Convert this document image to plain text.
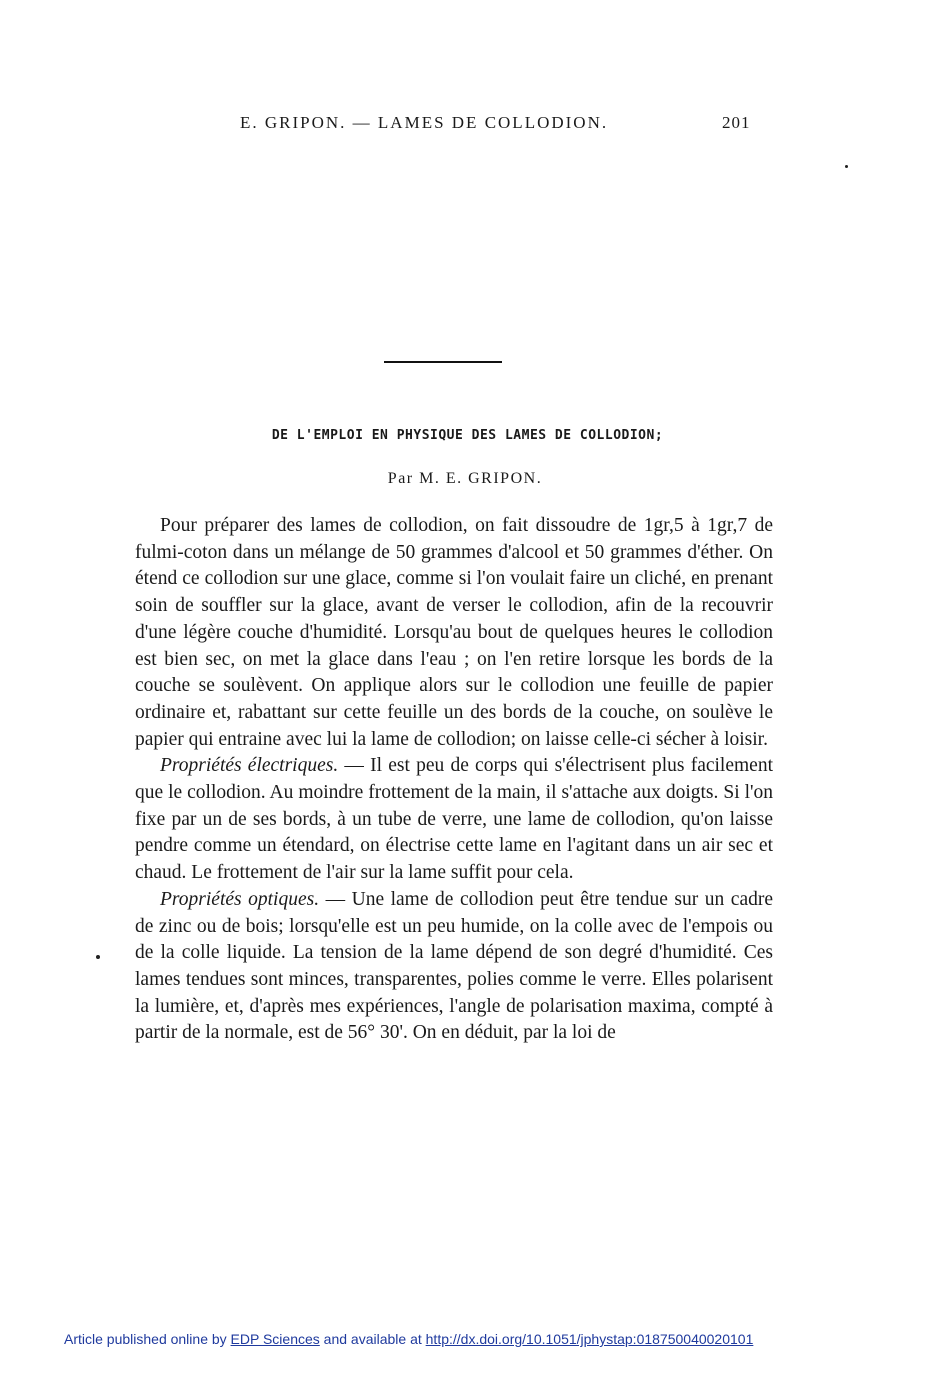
E. GRIPON. — LAMES DE COLLODION.	201
DE L'EMPLOI EN PHYSIQUE DES LAMES DE COLLODION;
Par M. E. GRIPON.

Pour préparer des lames de collodion, on fait dissoudre de 1gr,5 à 1gr,7 de fulmi-coton dans un mélange de 50 grammes d'alcool et 50 grammes d'éther. On étend ce collodion sur une glace, comme si l'on voulait faire un cliché, en prenant soin de souffler sur la glace, avant de verser le collodion, afin de la recouvrir d'une légère couche d'humidité. Lorsqu'au bout de quelques heures le collodion est bien sec, on met la glace dans l'eau ; on l'en retire lorsque les bords de la couche se soulèvent. On applique alors sur le collodion une feuille de papier ordinaire et, rabattant sur cette feuille un des bords de la couche, on soulève le papier qui entraine avec lui la lame de collodion; on laisse celle-ci sécher à loisir.

Propriétés électriques. — Il est peu de corps qui s'électrisent plus facilement que le collodion. Au moindre frottement de la main, il s'attache aux doigts. Si l'on fixe par un de ses bords, à un tube de verre, une lame de collodion, qu'on laisse pendre comme un étendard, on électrise cette lame en l'agitant dans un air sec et chaud. Le frottement de l'air sur la lame suffit pour cela.

Propriétés optiques. — Une lame de collodion peut être tendue sur un cadre de zinc ou de bois; lorsqu'elle est un peu humide, on la colle avec de l'empois ou de la colle liquide. La tension de la lame dépend de son degré d'humidité. Ces lames tendues sont minces, transparentes, polies comme le verre. Elles polarisent la lumière, et, d'après mes expériences, l'angle de polarisation maxima, compté à partir de la normale, est de 56° 30'. On en déduit, par la loi de

Article published online by EDP Sciences and available at http://dx.doi.org/10.1051/jphystap:018750040020101
